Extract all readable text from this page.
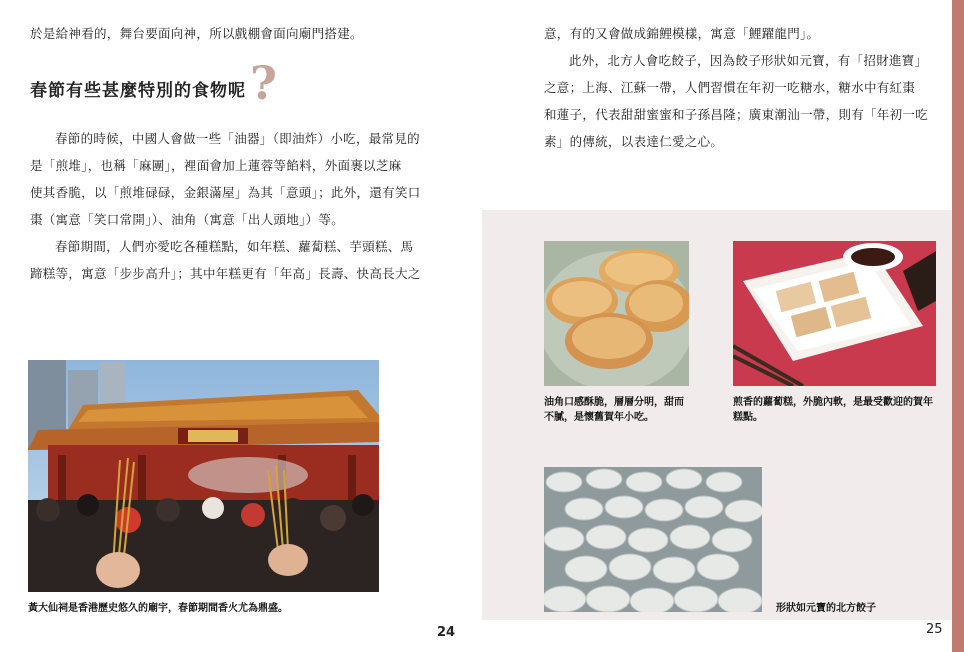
於是給神看的，舞台要面向神，所以戲棚會面向廟門搭建。

春節有些甚麼特別的食物呢 ?
春節的時候，中國人會做一些「油器」（即油炸）小吃，最常見的
是「煎堆」，也稱「麻團」，裡面會加上蓮蓉等餡料，外面裹以芝麻
使其香脆，以「煎堆碌碌，金銀滿屋」為其「意頭」；此外，還有笑口
棗（寓意「笑口常開」）、油角（寓意「出人頭地」）等。
春節期間，人們亦愛吃各種糕點，如年糕、蘿蔔糕、芋頭糕、馬
蹄糕等，寓意「步步高升」；其中年糕更有「年高」長壽、快高長大之

黃大仙祠是香港歷史悠久的廟宇，春節期間香火尤為鼎盛。

24
意，有的又會做成錦鯉模樣，寓意「鯉躍龍門」。
此外，北方人會吃餃子，因為餃子形狀如元寶，有「招財進寶」
之意；上海、江蘇一帶，人們習慣在年初一吃糖水，糖水中有紅棗
和蓮子，代表甜甜蜜蜜和子孫昌隆；廣東潮汕一帶，則有「年初一吃
素」的傳統，以表達仁愛之心。

油角口感酥脆，層層分明，甜而不膩，是懷舊賀年小吃。

煎香的蘿蔔糕，外脆內軟，是最受歡迎的賀年糕點。

形狀如元寶的北方餃子

25
